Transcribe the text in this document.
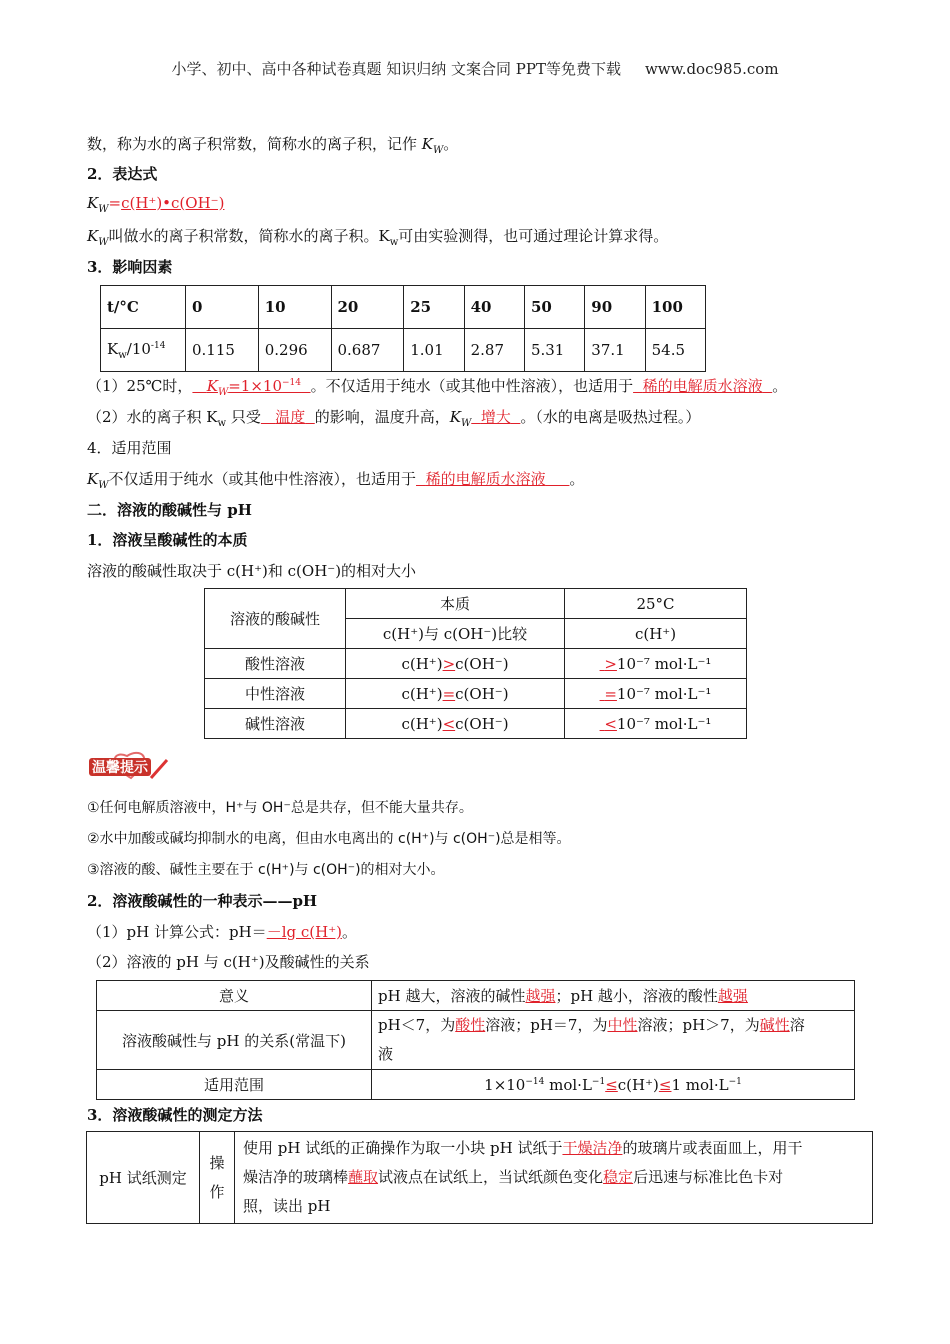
小学、初中、高中各种试卷真题 知识归纳 文案合同 PPT等免费下载 www.doc985.com
数，称为水的离子积常数，简称水的离子积，记作 $K_W$。
2．表达式
$K_W=c(H^+)•c(OH^-)$
$K_W$叫做水的离子积常数，简称水的离子积。$K_w$可由实验测得，也可通过理论计算求得。
3．影响因素
t/°C	0	10	20	25	40	50	90	100
$K_w/10^{-14}$	0.115	0.296	0.687	1.01	2.87	5.31	37.1	54.5
（1）25℃时， $K_W=1\times 10^{-14}$ 。不仅适用于纯水（或其他中性溶液），也适用于 稀的电解质水溶液 。
（2）水的离子积 $K_w$ 只受 温度 的影响，温度升高，$K_W$ 增大 。（水的电离是吸热过程。）
4．适用范围
$K_W$不仅适用于纯水（或其他中性溶液），也适用于 稀的电解质水溶液 。
二．溶液的酸碱性与 pH
1．溶液呈酸碱性的本质
溶液的酸碱性取决于 c(H⁺)和 c(OH⁻)的相对大小
溶液的酸碱性	本质	25°C
	c(H⁺)与 c(OH⁻)比较	c(H⁺)
酸性溶液	c(H⁺)>c(OH⁻)	>10⁻⁷ mol·L⁻¹
中性溶液	c(H⁺)=c(OH⁻)	=10⁻⁷ mol·L⁻¹
碱性溶液	c(H⁺)<c(OH⁻)	<10⁻⁷ mol·L⁻¹
温馨提示
①任何电解质溶液中，H⁺与 OH⁻总是共存，但不能大量共存。
②水中加酸或碱均抑制水的电离，但由水电离出的 c(H⁺)与 c(OH⁻)总是相等。
③溶液的酸、碱性主要在于 c(H⁺)与 c(OH⁻)的相对大小。
2．溶液酸碱性的一种表示——pH
（1）pH 计算公式：pH＝－lg c(H⁺)。
（2）溶液的 pH 与 c(H⁺)及酸碱性的关系
意义	pH 越大，溶液的碱性越强；pH 越小，溶液的酸性越强
溶液酸碱性与 pH 的关系(常温下)	pH＜7，为酸性溶液；pH＝7，为中性溶液；pH＞7，为碱性溶
液
适用范围	$1\times 10^{-14}$ $mol\cdot L^{-1}\le c(H^+)\le 1$ $mol\cdot L^{-1}$
3．溶液酸碱性的测定方法
pH 试纸测定	操作	使用 pH 试纸的正确操作为取一小块 pH 试纸于干燥洁净的玻璃片或表面皿上，用干
燥洁净的玻璃棒蘸取试液点在试纸上，当试纸颜色变化稳定后迅速与标准比色卡对
照，读出 pH
